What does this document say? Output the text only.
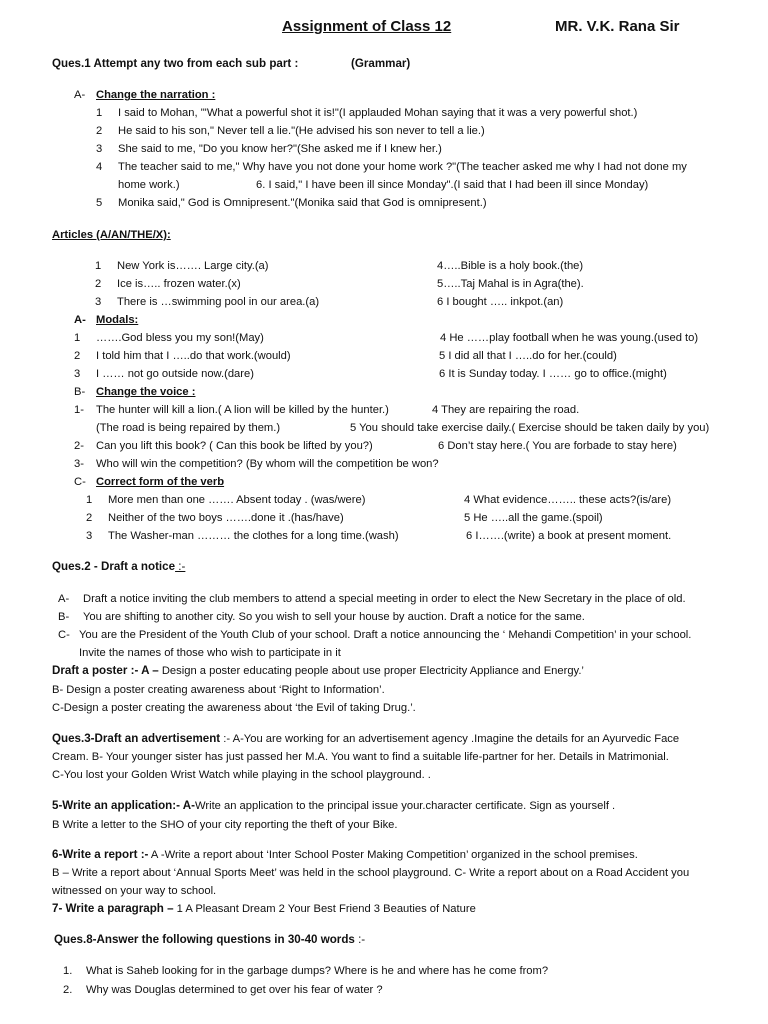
Assignment of Class 12	MR. V.K. Rana Sir
Ques.1 Attempt any two from each sub part :	(Grammar)
A- Change the narration :
1 I said to Mohan, "'What a powerful shot it is!"(I applauded Mohan saying that it was a very powerful shot.)
2 He said to his son," Never tell a lie."(He advised his son never to tell a lie.)
3 She said to me, "Do you know her?"(She asked me if I knew her.)
4 The teacher said to me," Why have you not done your home work ?"(The teacher asked me why I had not done my
home work.)	6. I said," I have been ill since Monday".(I said that I had been ill since Monday)
5 Monika said," God is Omnipresent."(Monika said that God is omnipresent.)
Articles (A/AN/THE/X):
1 New York is……. Large city.(a)	4…..Bible is a holy book.(the)
2 Ice is….. frozen water.(x)	5…..Taj Mahal is in Agra(the).
3 There is …swimming pool in our area.(a)	6 I bought ….. inkpot.(an)
A- Modals:
1 …….God bless you my son!(May)	4 He ……play football when he was young.(used to)
2 I told him that I …..do that work.(would)	5 I did all that I …..do for her.(could)
3 I …… not go outside now.(dare)	6 It is Sunday today. I …… go to office.(might)
B- Change the voice :
1- The hunter will kill a lion.( A lion will be killed by the hunter.)	4 They are repairing the road.
(The road is being repaired by them.)	5 You should take exercise daily.( Exercise should be taken daily by you)
2- Can you lift this book? ( Can this book be lifted by you?)	6 Don’t stay here.( You are forbade to stay here)
3- Who will win the competition? (By whom will the competition be won?
C- Correct form of the verb
1 More men than one ……. Absent today . (was/were)	4 What evidence…….. these acts?(is/are)
2 Neither of the two boys …….done it .(has/have)	5 He …..all the game.(spoil)
3 The Washer-man ……… the clothes for a long time.(wash)	6 I…….(write) a book at present moment.
Ques.2 - Draft a notice :-
A- Draft a notice inviting the club members to attend a special meeting in order to elect the New Secretary in the place of old.
B- You are shifting to another city. So you wish to sell your house by auction. Draft a notice for the same.
C- You are the President of the Youth Club of your school. Draft a notice announcing the ‘ Mehandi Competition’ in your school.
Invite the names of those who wish to participate in it
Draft a poster :- A – Design a poster educating people about use proper Electricity Appliance and Energy.’
B- Design a poster creating awareness about ‘Right to Information’.
C-Design a poster creating the awareness about ‘the Evil of taking Drug.’.
Ques.3-Draft an advertisement :- A-You are working for an advertisement agency .Imagine the details for an Ayurvedic Face
Cream. B- Your younger sister has just passed her M.A. You want to find a suitable life-partner for her. Details in Matrimonial.
C-You lost your Golden Wrist Watch while playing in the school playground. .
5-Write an application:- A-Write an application to the principal issue your.character certificate. Sign as yourself .
B Write a letter to the SHO of your city reporting the theft of your Bike.
6-Write a report :- A -Write a report about ‘Inter School Poster Making Competition’ organized in the school premises.
B – Write a report about ‘Annual Sports Meet’ was held in the school playground. C- Write a report about on a Road Accident you
witnessed on your way to school.
7- Write a paragraph – 1 A Pleasant Dream 2 Your Best Friend 3 Beauties of Nature
Ques.8-Answer the following questions in 30-40 words :-
1. What is Saheb looking for in the garbage dumps? Where is he and where has he come from?
2. Why was Douglas determined to get over his fear of water ?
